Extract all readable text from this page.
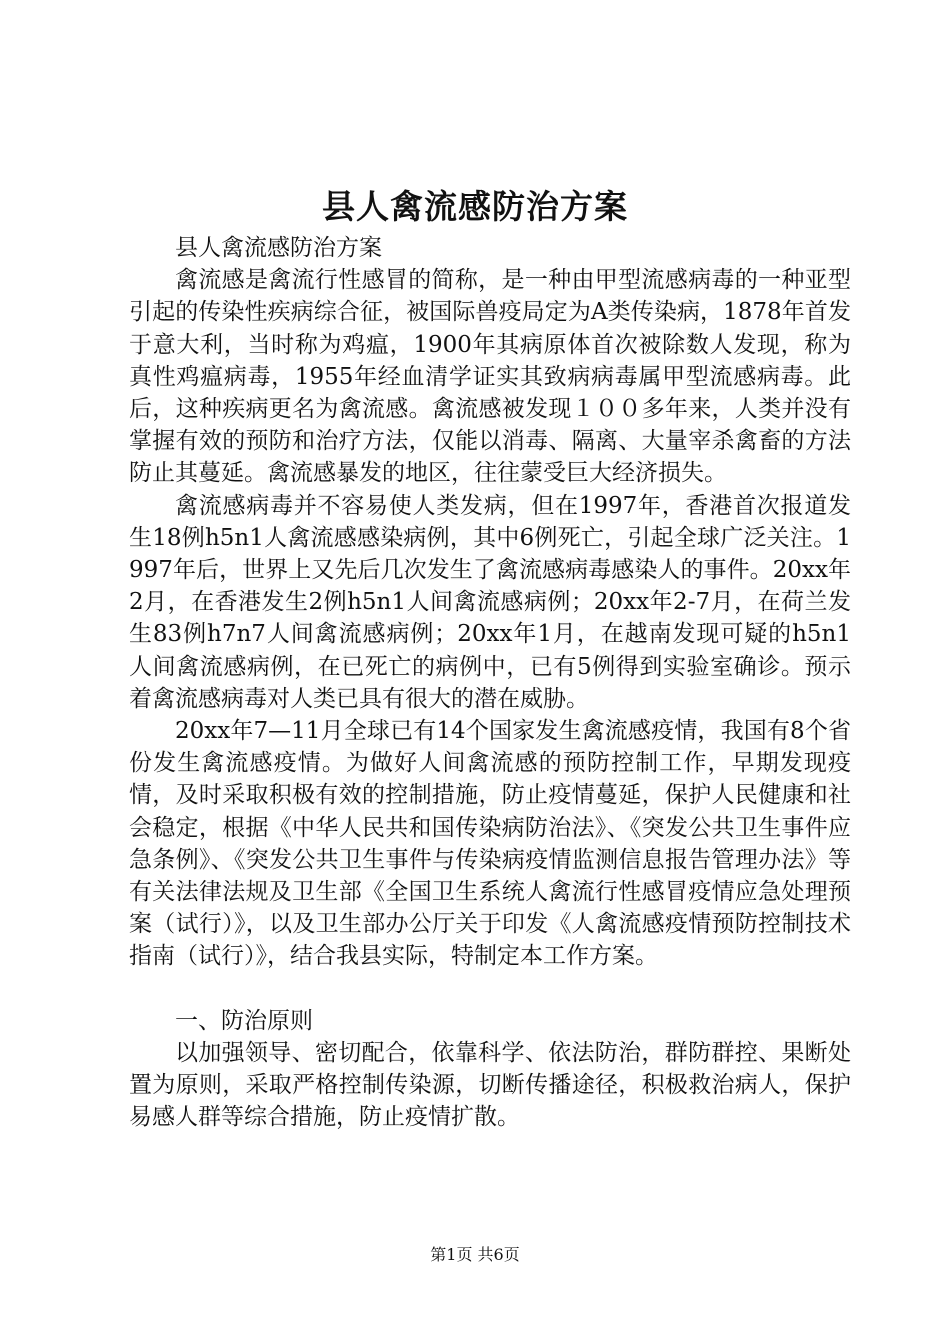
县人禽流感防治方案

县人禽流感防治方案

禽流感是禽流行性感冒的简称，是一种由甲型流感病毒的一种亚型引起的传染性疾病综合征，被国际兽疫局定为A类传染病，1878年首发于意大利，当时称为鸡瘟，1900年其病原体首次被除数人发现，称为真性鸡瘟病毒，1955年经血清学证实其致病病毒属甲型流感病毒。此后，这种疾病更名为禽流感。禽流感被发现１００多年来，人类并没有掌握有效的预防和治疗方法，仅能以消毒、隔离、大量宰杀禽畜的方法防止其蔓延。禽流感暴发的地区，往往蒙受巨大经济损失。

禽流感病毒并不容易使人类发病，但在1997年，香港首次报道发生18例h5n1人禽流感感染病例，其中6例死亡，引起全球广泛关注。1997年后，世界上又先后几次发生了禽流感病毒感染人的事件。20xx年2月，在香港发生2例h5n1人间禽流感病例；20xx年2-7月，在荷兰发生83例h7n7人间禽流感病例；20xx年1月，在越南发现可疑的h5n1人间禽流感病例，在已死亡的病例中，已有5例得到实验室确诊。预示着禽流感病毒对人类已具有很大的潜在威胁。

20xx年7—11月全球已有14个国家发生禽流感疫情，我国有8个省份发生禽流感疫情。为做好人间禽流感的预防控制工作，早期发现疫情，及时采取积极有效的控制措施，防止疫情蔓延，保护人民健康和社会稳定，根据《中华人民共和国传染病防治法》、《突发公共卫生事件应急条例》、《突发公共卫生事件与传染病疫情监测信息报告管理办法》等有关法律法规及卫生部《全国卫生系统人禽流行性感冒疫情应急处理预案（试行）》，以及卫生部办公厅关于印发《人禽流感疫情预防控制技术指南（试行）》，结合我县实际，特制定本工作方案。

一、防治原则

以加强领导、密切配合，依靠科学、依法防治，群防群控、果断处置为原则，采取严格控制传染源，切断传播途径，积极救治病人，保护易感人群等综合措施，防止疫情扩散。

第1页 共6页
